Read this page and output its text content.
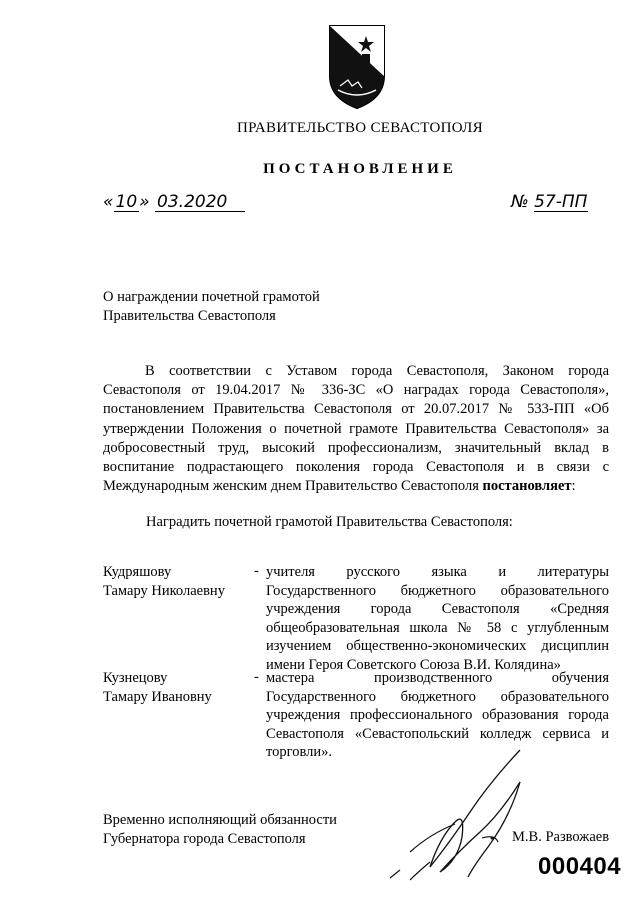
ПРАВИТЕЛЬСТВО СЕВАСТОПОЛЯ
ПОСТАНОВЛЕНИЕ
« 10 » 03.2020	№ 57-ПП
О награждении почетной грамотой
Правительства Севастополя
В соответствии с Уставом города Севастополя, Законом города Севастополя от 19.04.2017 № 336-ЗС «О наградах города Севастополя», постановлением Правительства Севастополя от 20.07.2017 № 533-ПП «Об утверждении Положения о почетной грамоте Правительства Севастополя» за добросовестный труд, высокий профессионализм, значительный вклад в воспитание подрастающего поколения города Севастополя и в связи с Международным женским днем Правительство Севастополя постановляет:
Наградить почетной грамотой Правительства Севастополя:
Кудряшову
Тамару Николаевну
- учителя русского языка и литературы Государственного бюджетного образовательного учреждения города Севастополя «Средняя общеобразовательная школа № 58 с углубленным изучением общественно-экономических дисциплин имени Героя Советского Союза В.И. Колядина»
Кузнецову
Тамару Ивановну
- мастера производственного обучения Государственного бюджетного образовательного учреждения профессионального образования города Севастополя «Севастопольский колледж сервиса и торговли».
Временно исполняющий обязанности
Губернатора города Севастополя	М.В. Развожаев
000404
